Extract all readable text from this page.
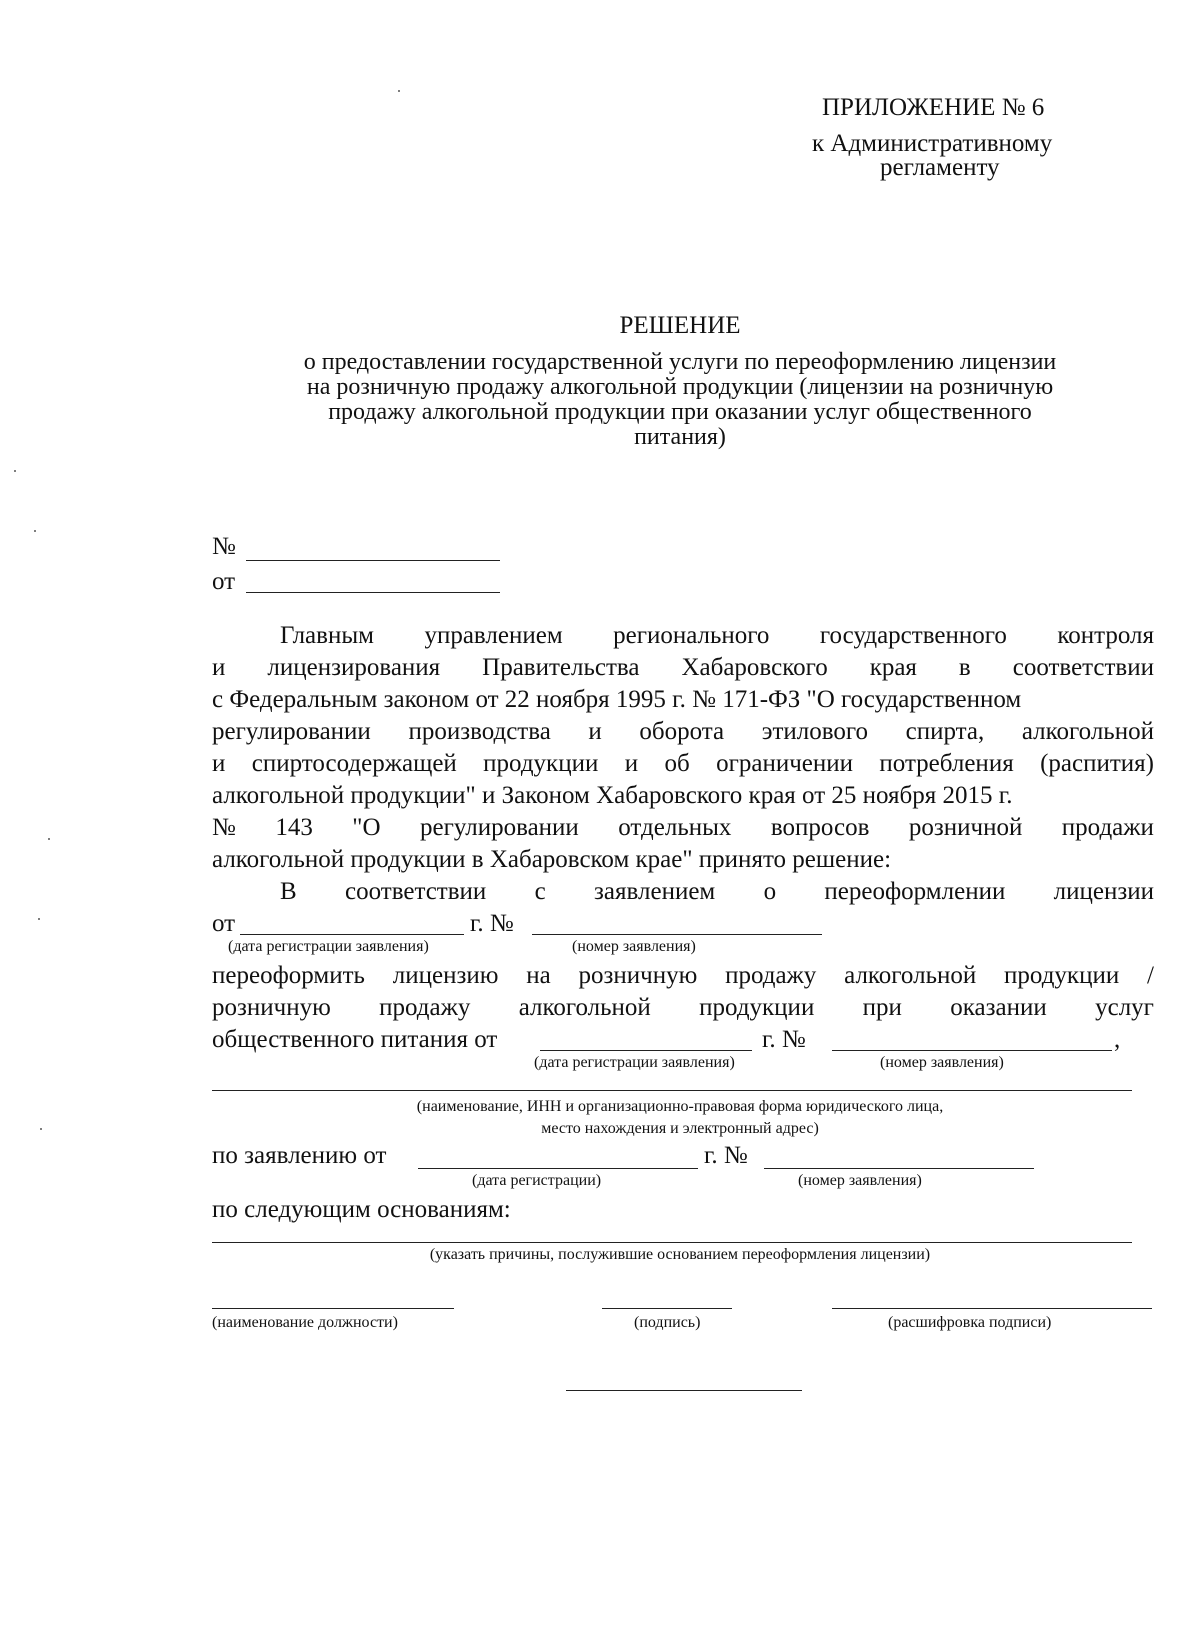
ПРИЛОЖЕНИЕ № 6
к Административному
регламенту
РЕШЕНИЕ
о предоставлении государственной услуги по переоформлению лицензии
на розничную продажу алкогольной продукции (лицензии на розничную
продажу алкогольной продукции при оказании услуг общественного
питания)
№
от
Главным управлением регионального государственного контроля
и лицензирования Правительства Хабаровского края в соответствии
с Федеральным законом от 22 ноября 1995 г. № 171-ФЗ "О государственном
регулировании производства и оборота этилового спирта, алкогольной
и спиртосодержащей продукции и об ограничении потребления (распития)
алкогольной продукции" и Законом Хабаровского края от 25 ноября 2015 г.
№ 143 "О регулировании отдельных вопросов розничной продажи
алкогольной продукции в Хабаровском крае" принято решение:
В соответствии с заявлением о переоформлении лицензии
от	г. №
(дата регистрации заявления)	(номер заявления)
переоформить лицензию на розничную продажу алкогольной продукции /
розничную продажу алкогольной продукции при оказании услуг
общественного питания от	г. №	,
(дата регистрации заявления)	(номер заявления)
(наименование, ИНН и организационно-правовая форма юридического лица,
место нахождения и электронный адрес)
по заявлению от	г. №
(дата регистрации)	(номер заявления)
по следующим основаниям:
(указать причины, послужившие основанием переоформления лицензии)
(наименование должности)	(подпись)	(расшифровка подписи)
